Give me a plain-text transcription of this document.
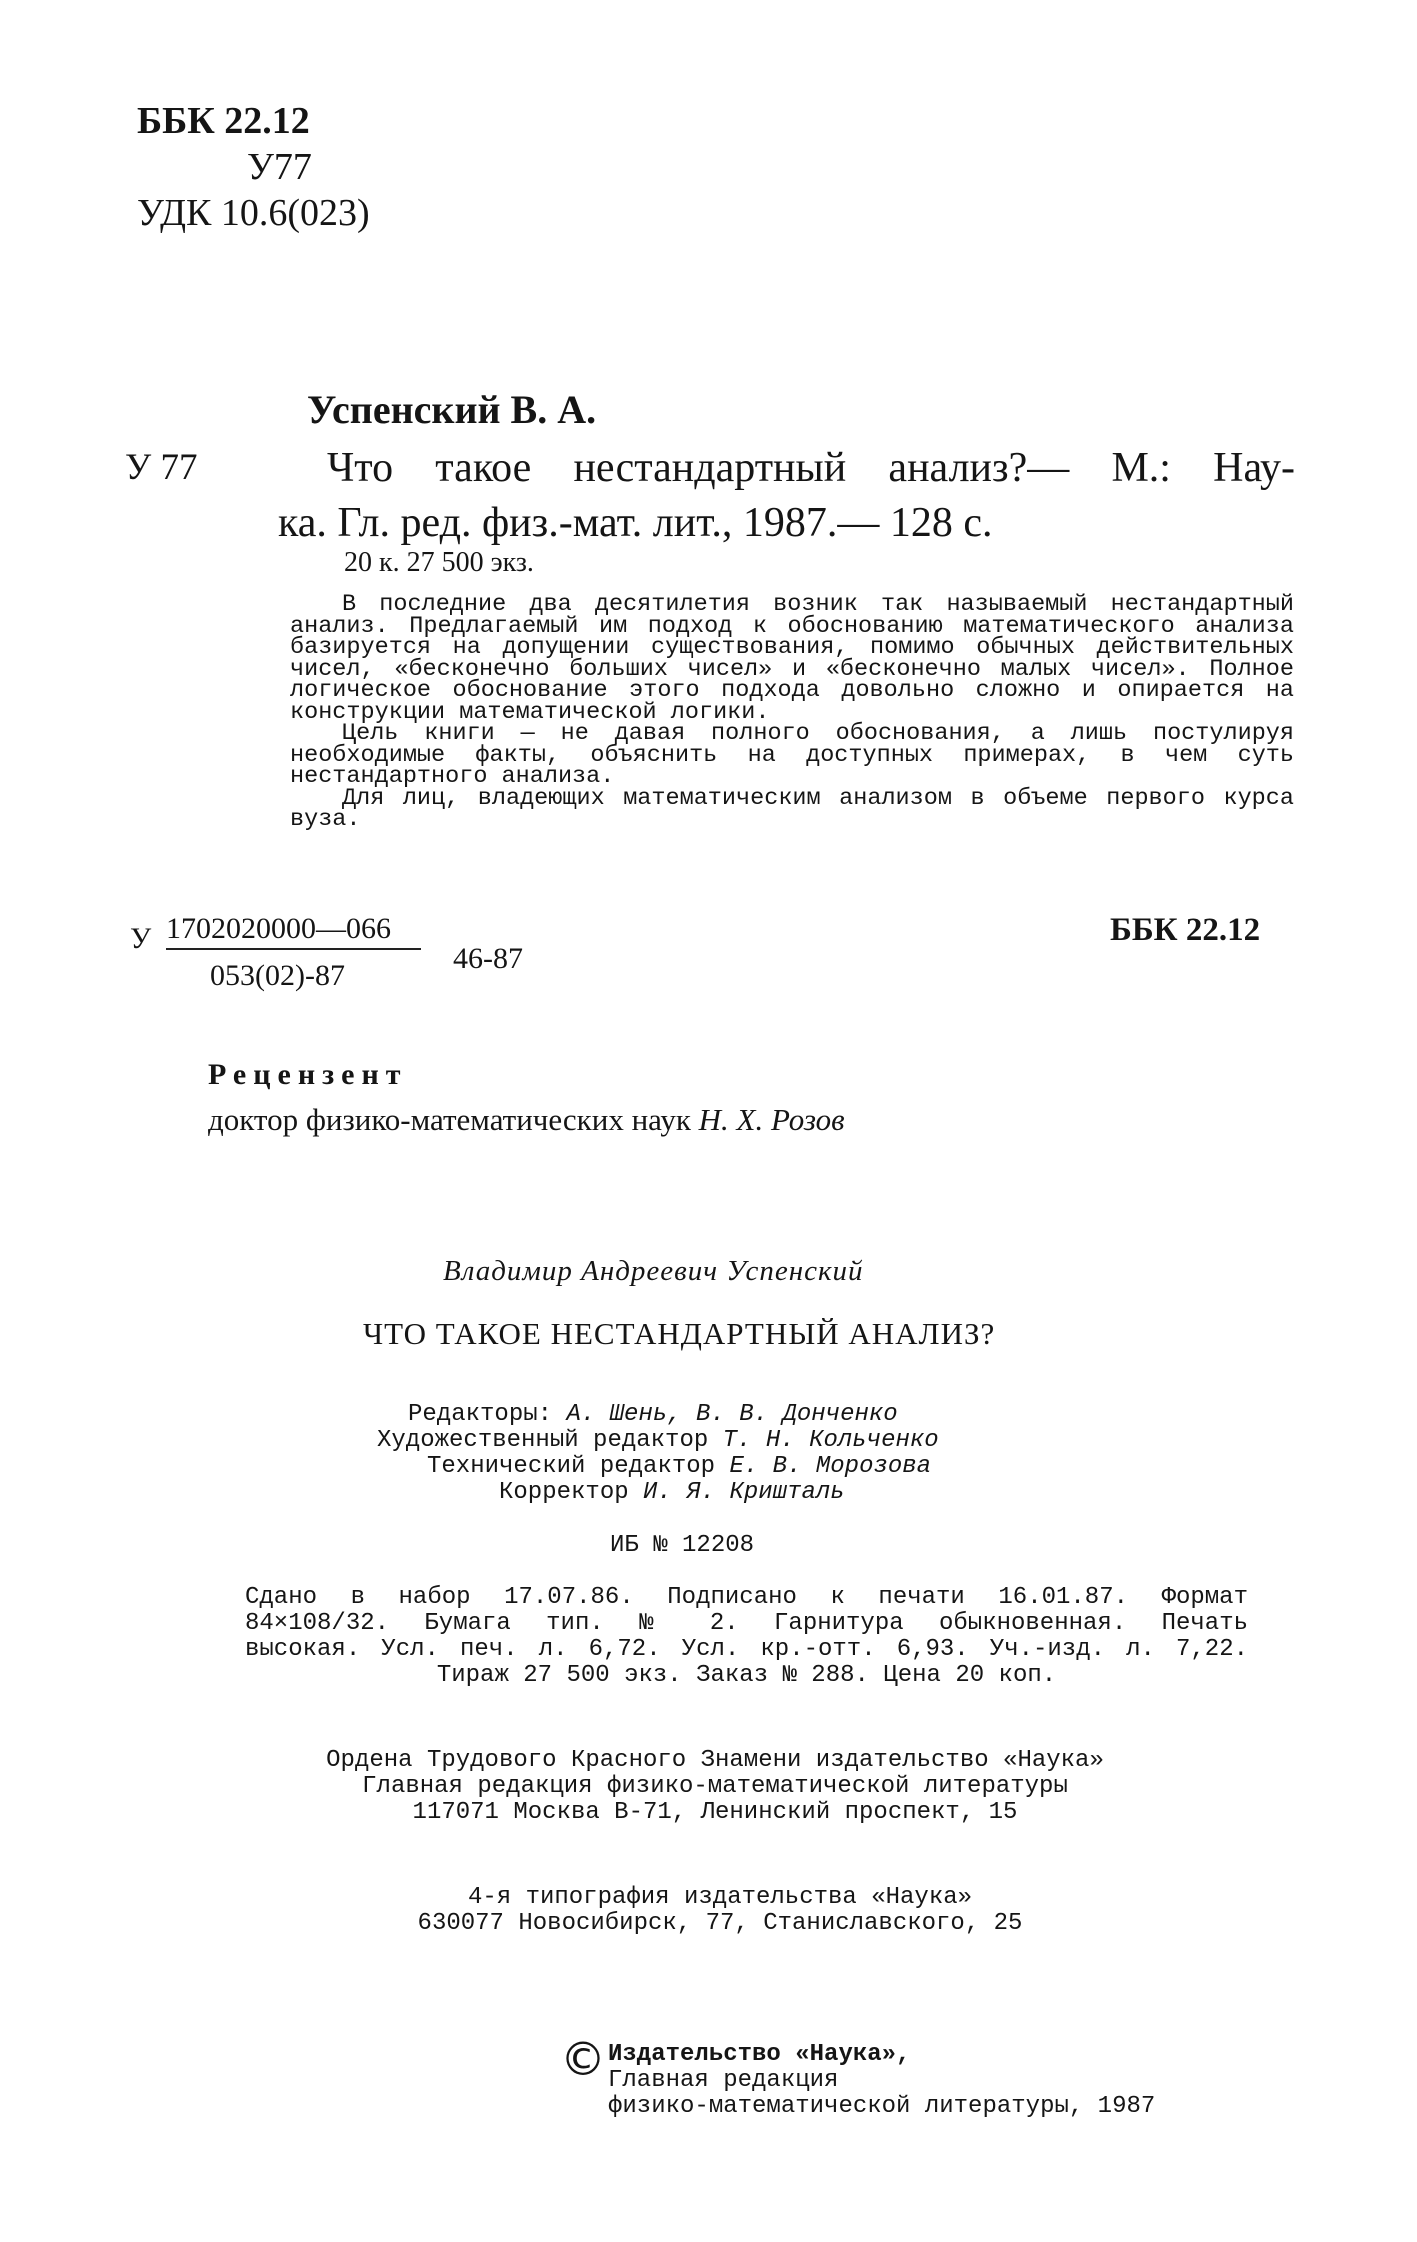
ББК 22.12
У77
УДК 10.6(023)
Успенский В. А.
У 77	Что такое нестандартный анализ?— М.: Нау-
ка. Гл. ред. физ.-мат. лит., 1987.— 128 с.
20 к. 27 500 экз.

В последние два десятилетия возник так называемый нестандартный анализ. Предлагаемый им подход к обоснованию математического анализа базируется на допущении существования, помимо обычных действительных чисел, «бесконечно больших чисел» и «бесконечно малых чисел». Полное логическое обоснование этого подхода довольно сложно и опирается на конструкции математической логики.

Цель книги — не давая полного обоснования, а лишь постулируя необходимые факты, объяснить на доступных примерах, в чем суть нестандартного анализа.

Для лиц, владеющих математическим анализом в объеме первого курса вуза.

У 1702020000—066
053(02)-87
46-87
ББК 22.12
Рецензент
доктор физико-математических наук Н. Х. Розов
Владимир Андреевич Успенский
ЧТО ТАКОЕ НЕСТАНДАРТНЫЙ АНАЛИЗ?
Редакторы: А. Шень, В. В. Донченко
Художественный редактор Т. Н. Кольченко
Технический редактор Е. В. Морозова
Корректор И. Я. Кришталь
ИБ № 12208
Сдано в набор 17.07.86. Подписано к печати 16.01.87. Формат
84×108/32. Бумага тип. № 2. Гарнитура обыкновенная. Печать
высокая. Усл. печ. л. 6,72. Усл. кр.-отт. 6,93. Уч.-изд. л. 7,22.
Тираж 27 500 экз. Заказ № 288. Цена 20 коп.
Ордена Трудового Красного Знамени издательство «Наука»
Главная редакция физико-математической литературы
117071 Москва В-71, Ленинский проспект, 15
4-я типография издательства «Наука»
630077 Новосибирск, 77, Станиславского, 25
© Издательство «Наука»,
Главная редакция
физико-математической литературы, 1987
